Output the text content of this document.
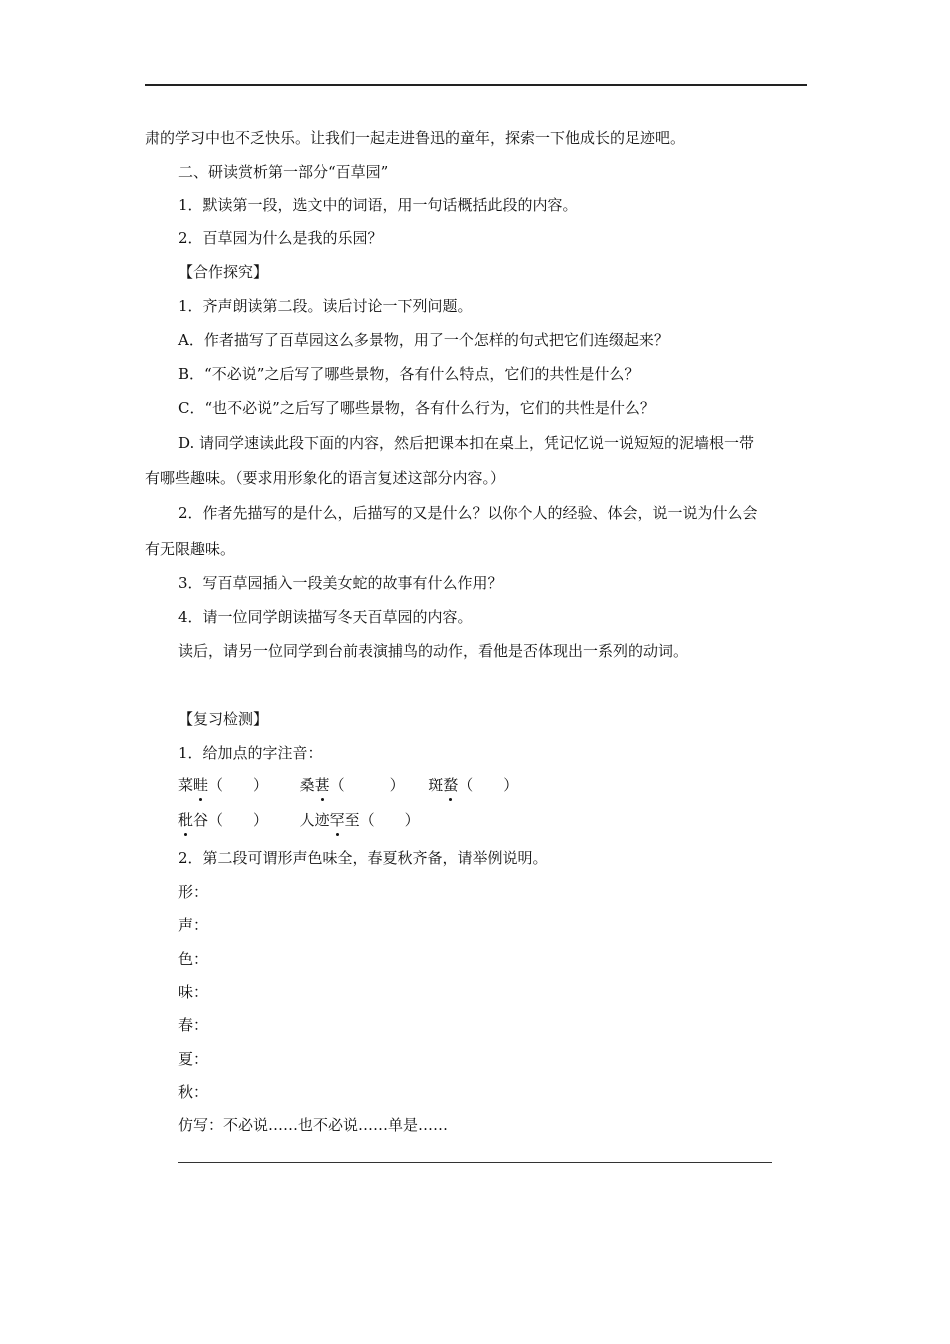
肃的学习中也不乏快乐。让我们一起走进鲁迅的童年，探索一下他成长的足迹吧。
二、研读赏析第一部分“百草园”
1．默读第一段，选文中的词语，用一句话概括此段的内容。
2．百草园为什么是我的乐园？
【合作探究】
1．齐声朗读第二段。读后讨论一下列问题。
A．作者描写了百草园这么多景物，用了一个怎样的句式把它们连缀起来？
B．“不必说”之后写了哪些景物，各有什么特点，它们的共性是什么？
C．“也不必说”之后写了哪些景物，各有什么行为，它们的共性是什么？
D. 请同学速读此段下面的内容，然后把课本扣在桌上，凭记忆说一说短短的泥墙根一带
有哪些趣味。（要求用形象化的语言复述这部分内容。）
2．作者先描写的是什么，后描写的又是什么？以你个人的经验、体会，说一说为什么会
有无限趣味。
3．写百草园插入一段美女蛇的故事有什么作用？
4．请一位同学朗读描写冬天百草园的内容。
读后，请另一位同学到台前表演捕鸟的动作，看他是否体现出一系列的动词。
【复习检测】
1．给加点的字注音：
菜畦（　　） 桑葚（　　　） 斑蝥（　　）
秕谷（　　） 人迹罕至（　　）
2．第二段可谓形声色味全，春夏秋齐备，请举例说明。
形：
声：
色：
味：
春：
夏：
秋：
仿写：不必说……也不必说……单是……
